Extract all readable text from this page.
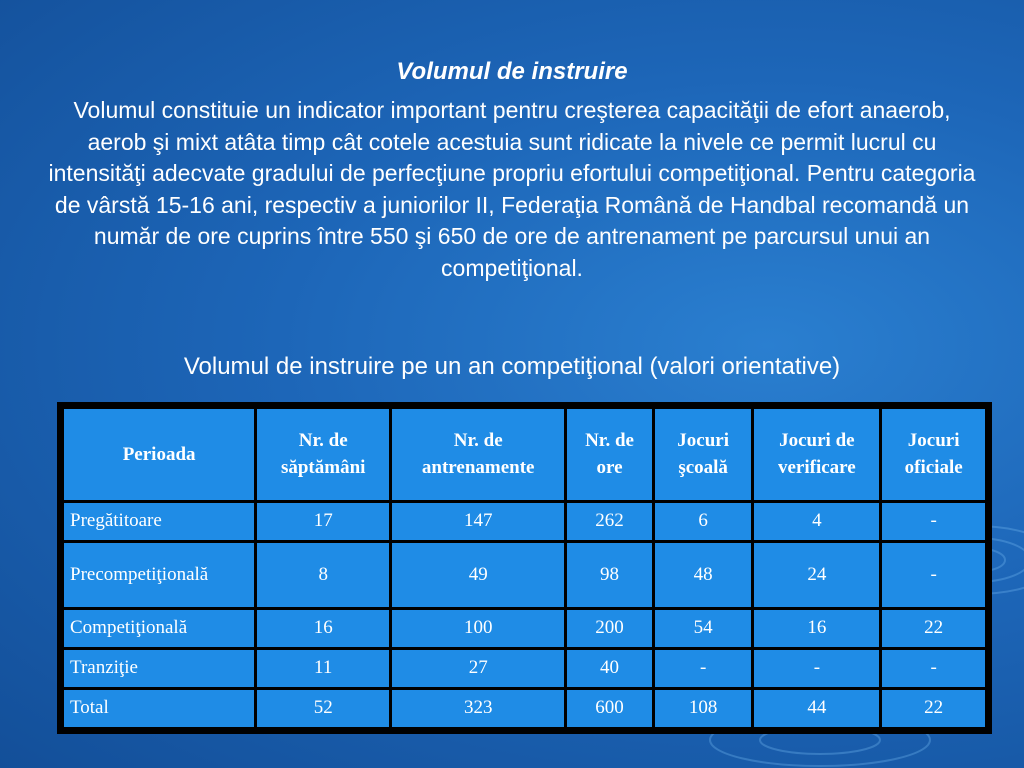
Volumul de instruire

Volumul constituie un indicator important pentru creşterea capacităţii de efort anaerob, aerob şi mixt atâta timp cât cotele acestuia sunt ridicate la nivele ce permit lucrul cu intensităţi adecvate gradului de perfecţiune propriu efortului competiţional. Pentru categoria de vârstă 15-16 ani, respectiv a juniorilor II, Federaţia Română de Handbal recomandă un număr de ore cuprins între 550 şi 650 de ore de antrenament pe parcursul unui an competiţional.

Volumul de instruire pe un an competiţional (valori orientative)

Perioada	Nr. de săptămâni	Nr. de antrenamente	Nr. de ore	Jocuri şcoală	Jocuri de verificare	Jocuri oficiale
Pregătitoare	17	147	262	6	4	-
Precompetiţională	8	49	98	48	24	-
Competiţională	16	100	200	54	16	22
Tranziţie	11	27	40	-	-	-
Total	52	323	600	108	44	22
